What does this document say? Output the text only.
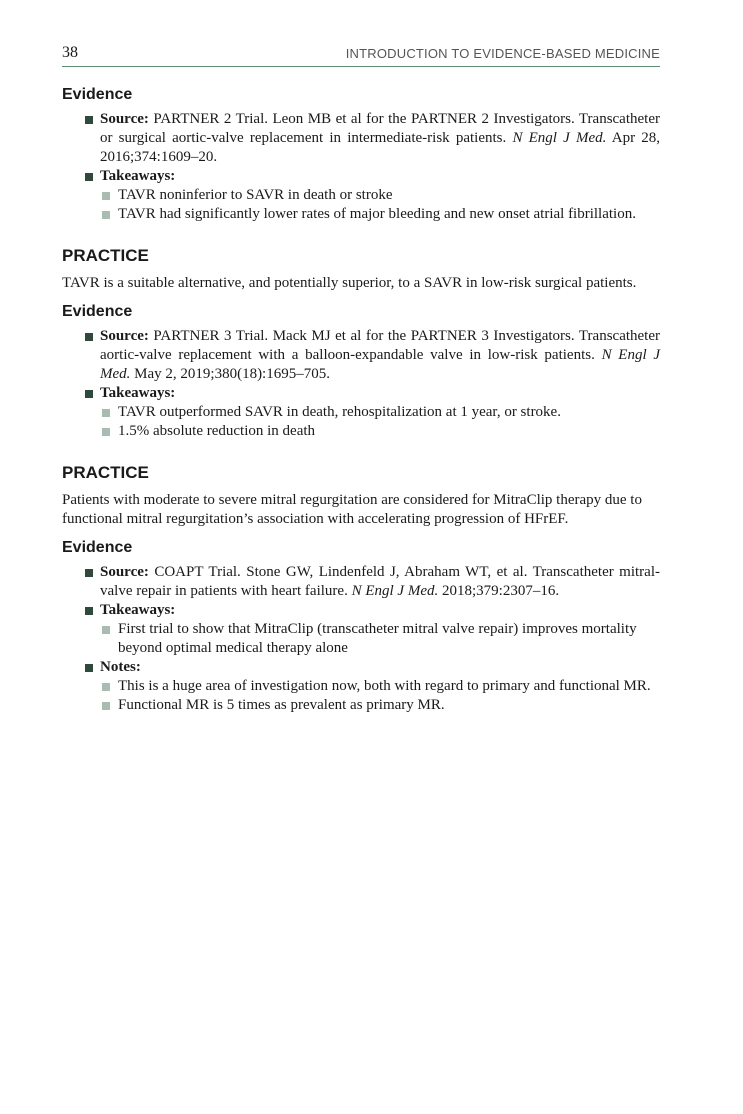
38	INTRODUCTION TO EVIDENCE-BASED MEDICINE
Evidence
Source: PARTNER 2 Trial. Leon MB et al for the PARTNER 2 Investigators. Transcatheter or surgical aortic-valve replacement in intermediate-risk patients. N Engl J Med. Apr 28, 2016;374:1609–20.
Takeaways:
TAVR noninferior to SAVR in death or stroke
TAVR had significantly lower rates of major bleeding and new onset atrial fibrillation.
PRACTICE

TAVR is a suitable alternative, and potentially superior, to a SAVR in low-risk surgical patients.

Evidence
Source: PARTNER 3 Trial. Mack MJ et al for the PARTNER 3 Investigators. Transcatheter aortic-valve replacement with a balloon-expandable valve in low-risk patients. N Engl J Med. May 2, 2019;380(18):1695–705.
Takeaways:
TAVR outperformed SAVR in death, rehospitalization at 1 year, or stroke.
1.5% absolute reduction in death
PRACTICE

Patients with moderate to severe mitral regurgitation are considered for MitraClip therapy due to functional mitral regurgitation’s association with accelerating progression of HFrEF.

Evidence
Source: COAPT Trial. Stone GW, Lindenfeld J, Abraham WT, et al. Transcatheter mitral-valve repair in patients with heart failure. N Engl J Med. 2018;379:2307–16.
Takeaways:
First trial to show that MitraClip (transcatheter mitral valve repair) improves mortality beyond optimal medical therapy alone
Notes:
This is a huge area of investigation now, both with regard to primary and functional MR.
Functional MR is 5 times as prevalent as primary MR.
